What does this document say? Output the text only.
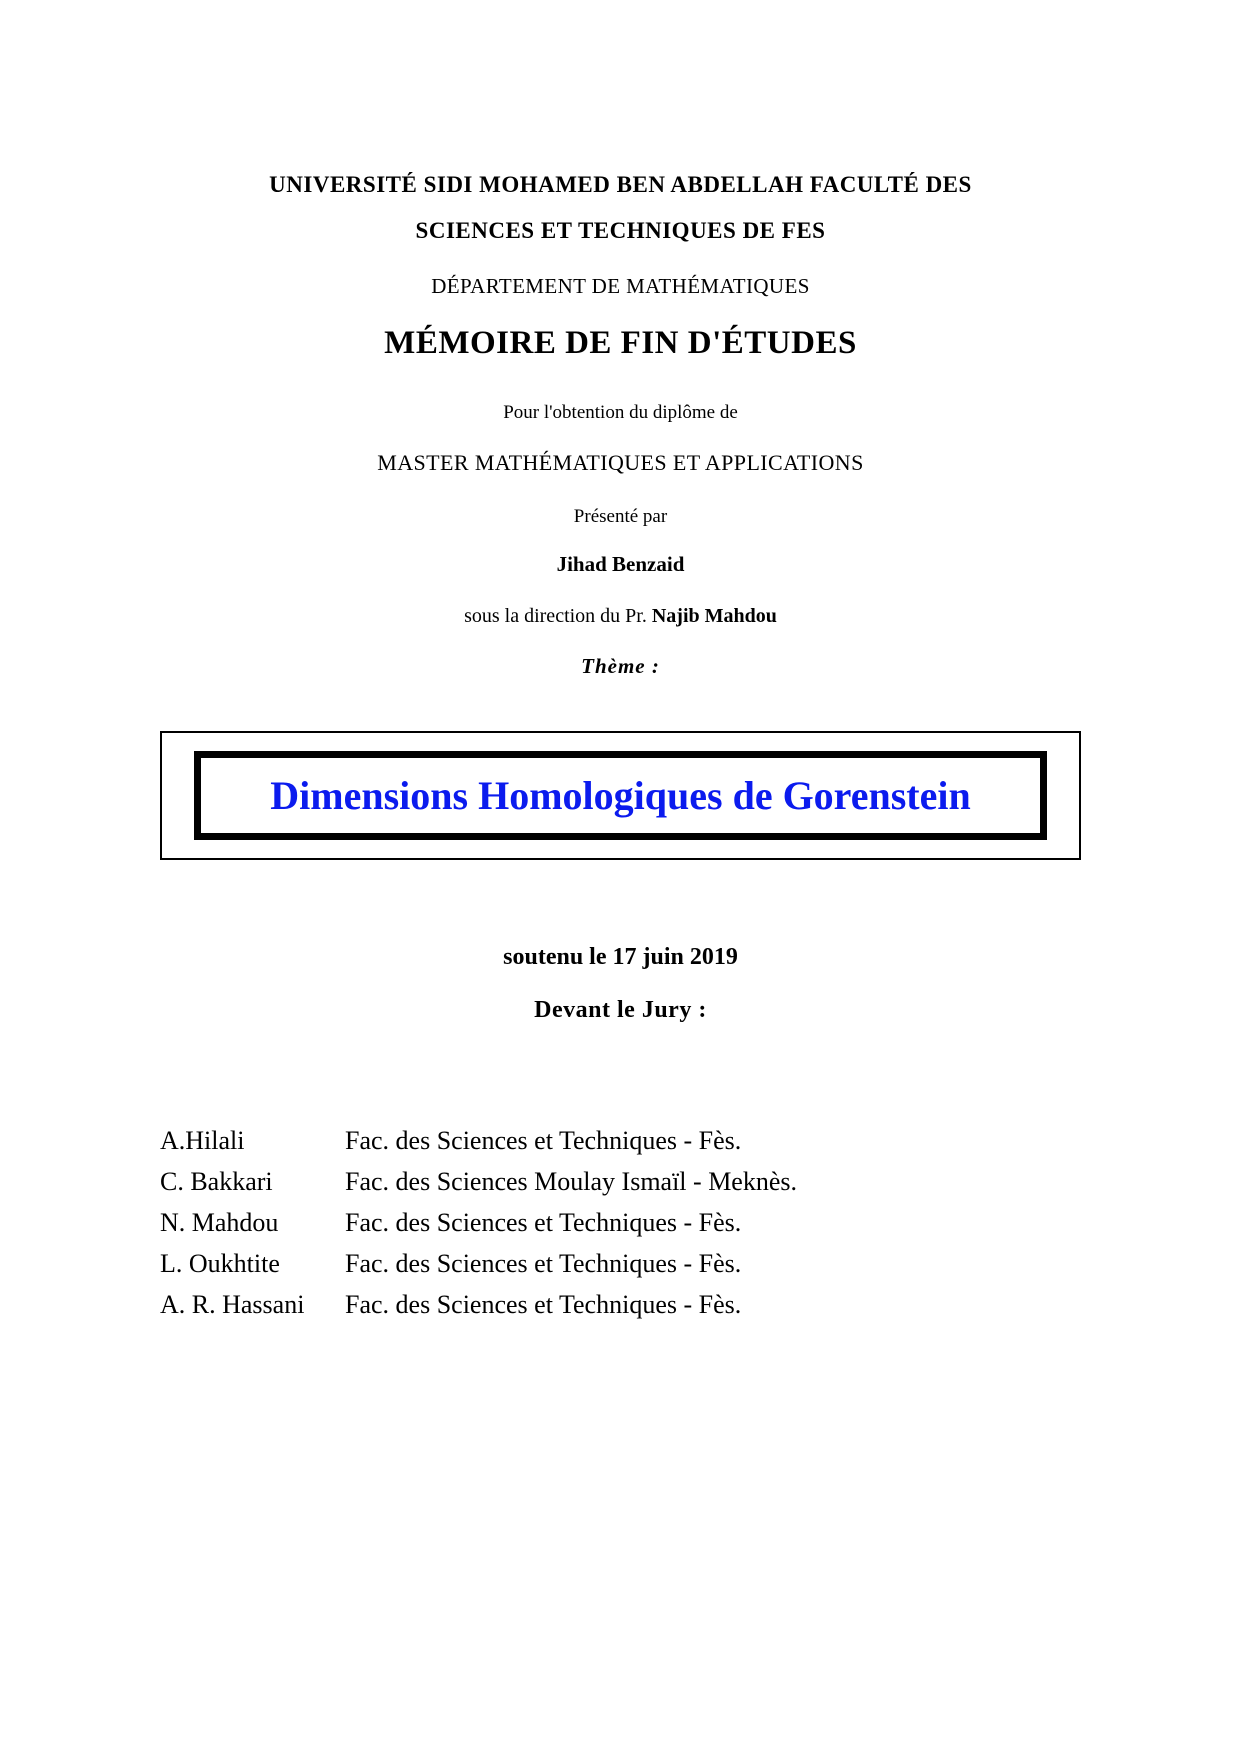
UNIVERSITÉ SIDI MOHAMED BEN ABDELLAH FACULTÉ DES
SCIENCES ET TECHNIQUES DE FES
DÉPARTEMENT DE MATHÉMATIQUES
MÉMOIRE DE FIN D'ÉTUDES
Pour l'obtention du diplôme de
MASTER MATHÉMATIQUES ET APPLICATIONS
Présenté par
Jihad Benzaid
sous la direction du Pr. Najib Mahdou
Thème :
Dimensions Homologiques de Gorenstein
soutenu le 17 juin 2019
Devant le Jury :
A.Hilali	Fac. des Sciences et Techniques - Fès.
C. Bakkari	Fac. des Sciences Moulay Ismaïl - Meknès.
N. Mahdou	Fac. des Sciences et Techniques - Fès.
L. Oukhtite	Fac. des Sciences et Techniques - Fès.
A. R. Hassani	Fac. des Sciences et Techniques - Fès.
